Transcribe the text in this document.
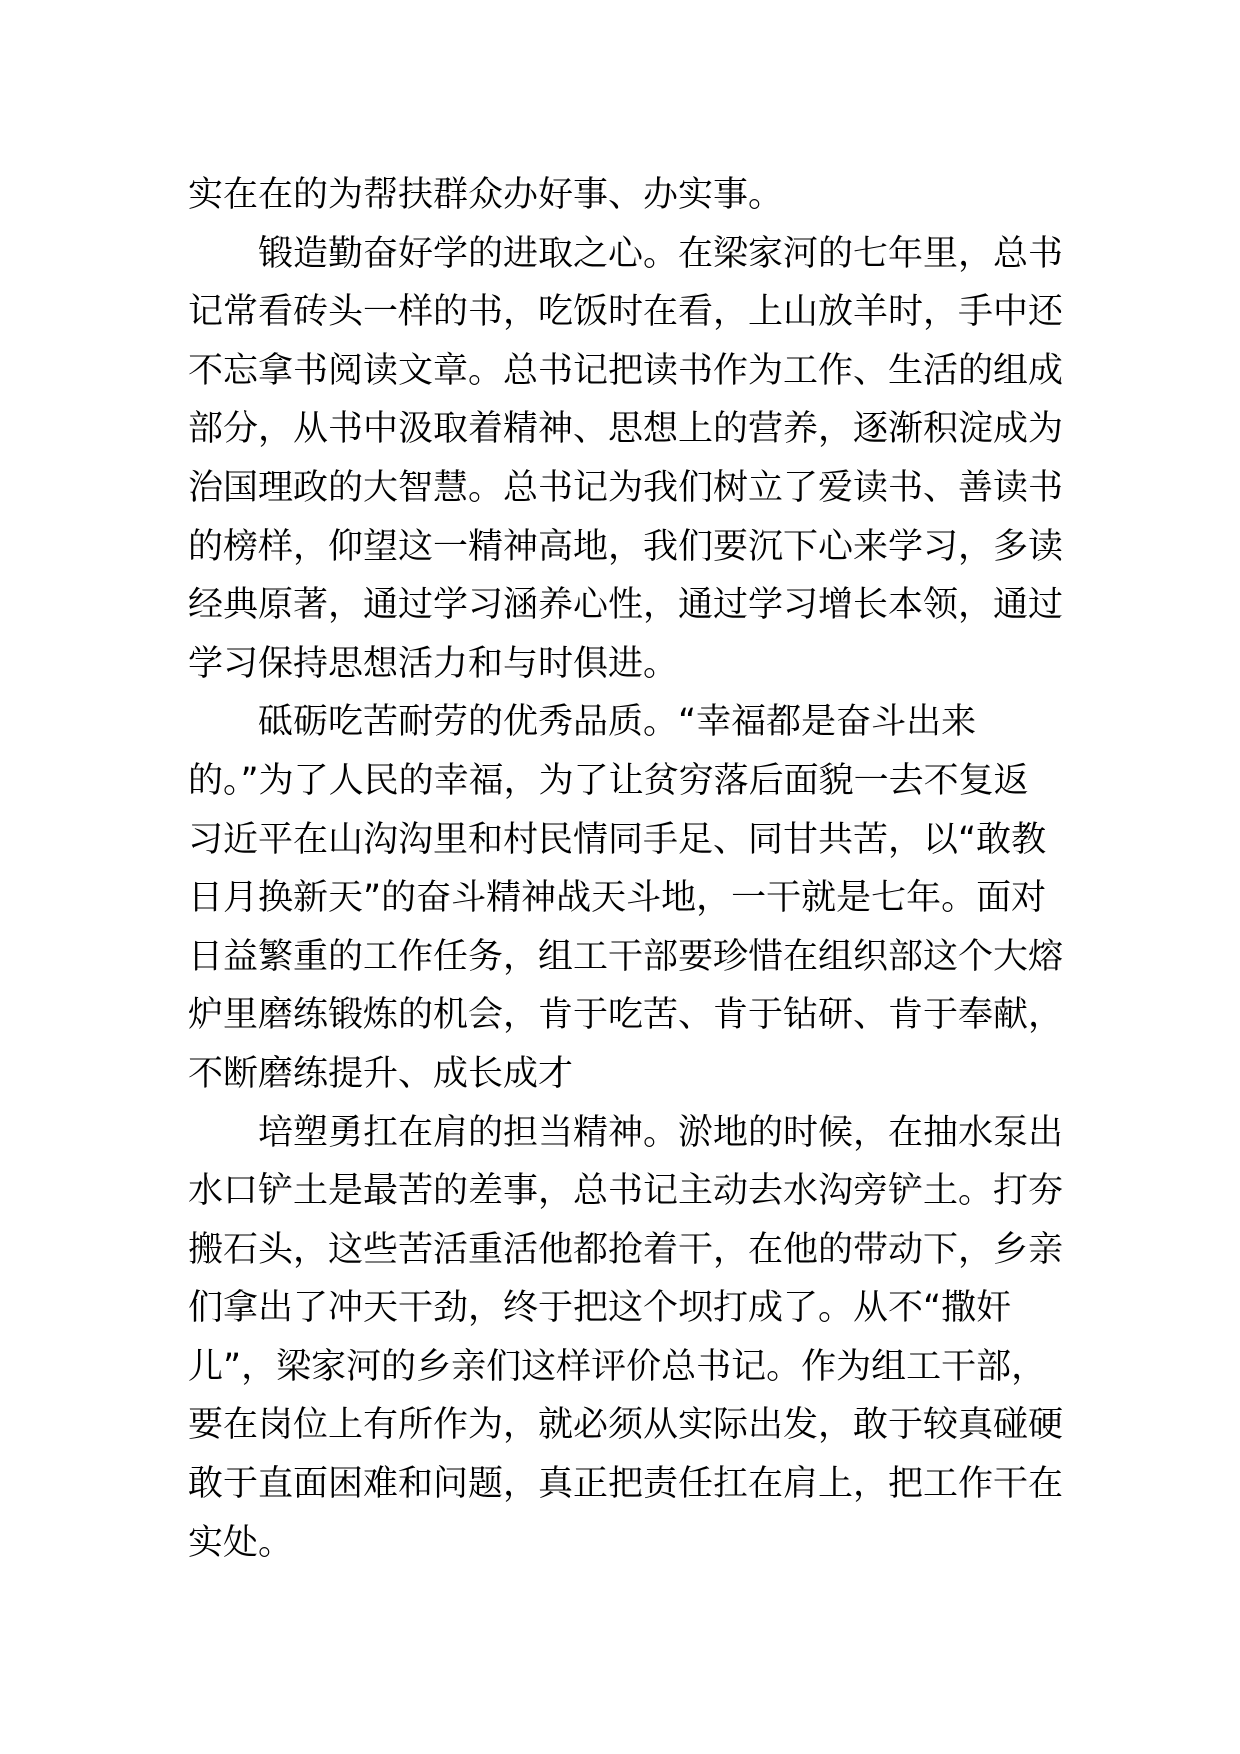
实在在的为帮扶群众办好事、办实事。
锻造勤奋好学的进取之心。在梁家河的七年里，总书
记常看砖头一样的书，吃饭时在看，上山放羊时，手中还
不忘拿书阅读文章。总书记把读书作为工作、生活的组成
部分，从书中汲取着精神、思想上的营养，逐渐积淀成为
治国理政的大智慧。总书记为我们树立了爱读书、善读书
的榜样，仰望这一精神高地，我们要沉下心来学习，多读
经典原著，通过学习涵养心性，通过学习增长本领，通过
学习保持思想活力和与时俱进。
砥砺吃苦耐劳的优秀品质。“幸福都是奋斗出来
的。”为了人民的幸福，为了让贫穷落后面貌一去不复返
习近平在山沟沟里和村民情同手足、同甘共苦，以“敢教
日月换新天”的奋斗精神战天斗地，一干就是七年。面对
日益繁重的工作任务，组工干部要珍惜在组织部这个大熔
炉里磨练锻炼的机会，肯于吃苦、肯于钻研、肯于奉献，
不断磨练提升、成长成才
培塑勇扛在肩的担当精神。淤地的时候，在抽水泵出
水口铲土是最苦的差事，总书记主动去水沟旁铲土。打夯
搬石头，这些苦活重活他都抢着干，在他的带动下，乡亲
们拿出了冲天干劲，终于把这个坝打成了。从不“撒奸
儿”，梁家河的乡亲们这样评价总书记。作为组工干部，
要在岗位上有所作为，就必须从实际出发，敢于较真碰硬
敢于直面困难和问题，真正把责任扛在肩上，把工作干在
实处。
